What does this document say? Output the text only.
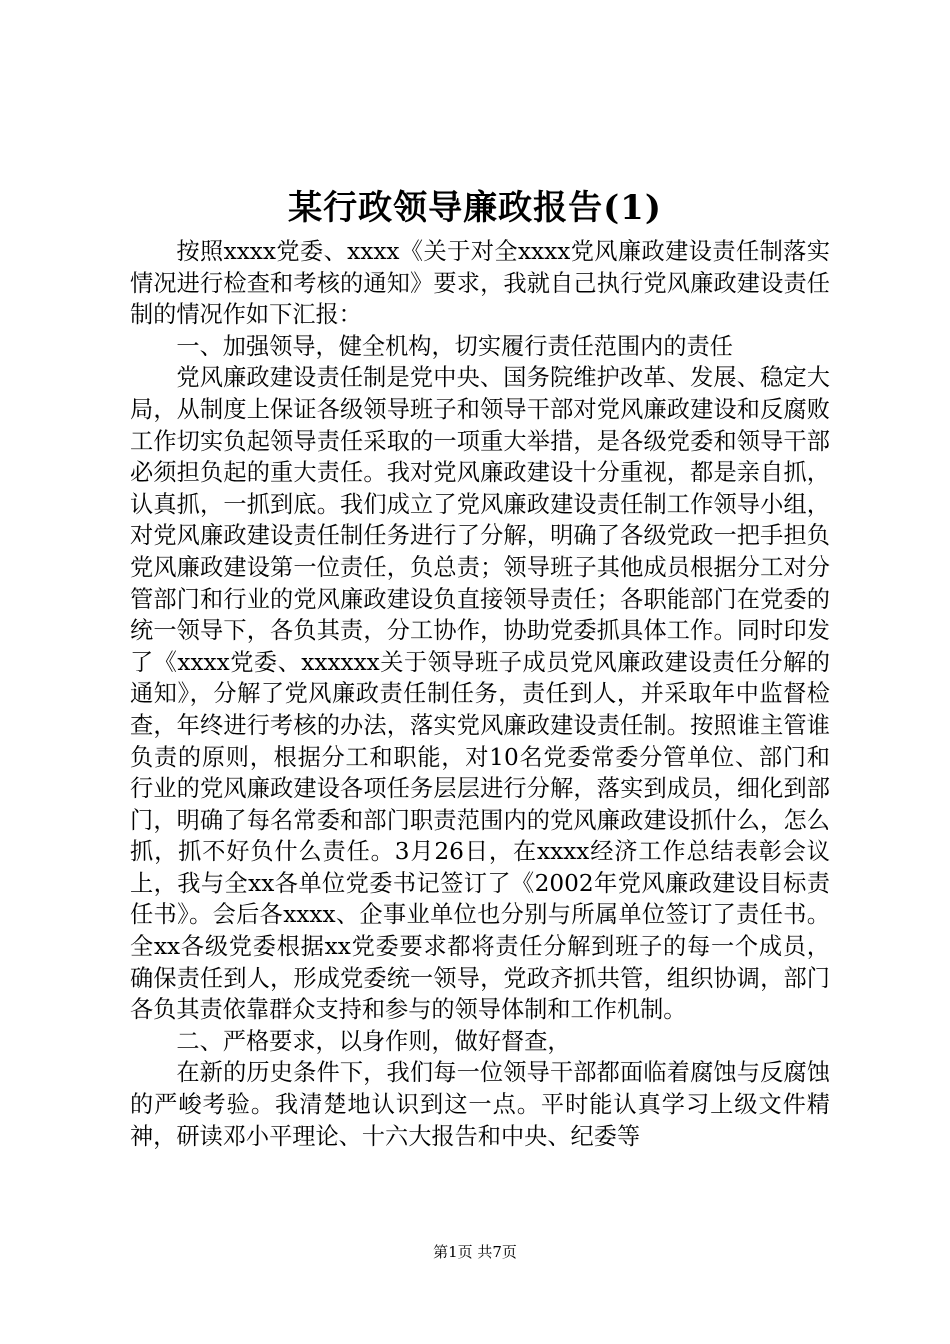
某行政领导廉政报告(1)

按照xxxx党委、xxxx《关于对全xxxx党风廉政建设责任制落实情况进行检查和考核的通知》要求，我就自己执行党风廉政建设责任制的情况作如下汇报：

一、加强领导，健全机构，切实履行责任范围内的责任

党风廉政建设责任制是党中央、国务院维护改革、发展、稳定大局，从制度上保证各级领导班子和领导干部对党风廉政建设和反腐败工作切实负起领导责任采取的一项重大举措，是各级党委和领导干部必须担负起的重大责任。我对党风廉政建设十分重视，都是亲自抓，认真抓，一抓到底。我们成立了党风廉政建设责任制工作领导小组，对党风廉政建设责任制任务进行了分解，明确了各级党政一把手担负党风廉政建设第一位责任，负总责；领导班子其他成员根据分工对分管部门和行业的党风廉政建设负直接领导责任；各职能部门在党委的统一领导下，各负其责，分工协作，协助党委抓具体工作。同时印发了《xxxx党委、xxxxxx关于领导班子成员党风廉政建设责任分解的通知》，分解了党风廉政责任制任务，责任到人，并采取年中监督检查，年终进行考核的办法，落实党风廉政建设责任制。按照谁主管谁负责的原则，根据分工和职能，对10名党委常委分管单位、部门和行业的党风廉政建设各项任务层层进行分解，落实到成员，细化到部门，明确了每名常委和部门职责范围内的党风廉政建设抓什么，怎么抓，抓不好负什么责任。3月26日，在xxxx经济工作总结表彰会议上，我与全xx各单位党委书记签订了《2002年党风廉政建设目标责任书》。会后各xxxx、企事业单位也分别与所属单位签订了责任书。全xx各级党委根据xx党委要求都将责任分解到班子的每一个成员，确保责任到人，形成党委统一领导，党政齐抓共管，组织协调，部门各负其责依靠群众支持和参与的领导体制和工作机制。

二、严格要求，以身作则，做好督查，

在新的历史条件下，我们每一位领导干部都面临着腐蚀与反腐蚀的严峻考验。我清楚地认识到这一点。平时能认真学习上级文件精神，研读邓小平理论、十六大报告和中央、纪委等

第1页 共7页
